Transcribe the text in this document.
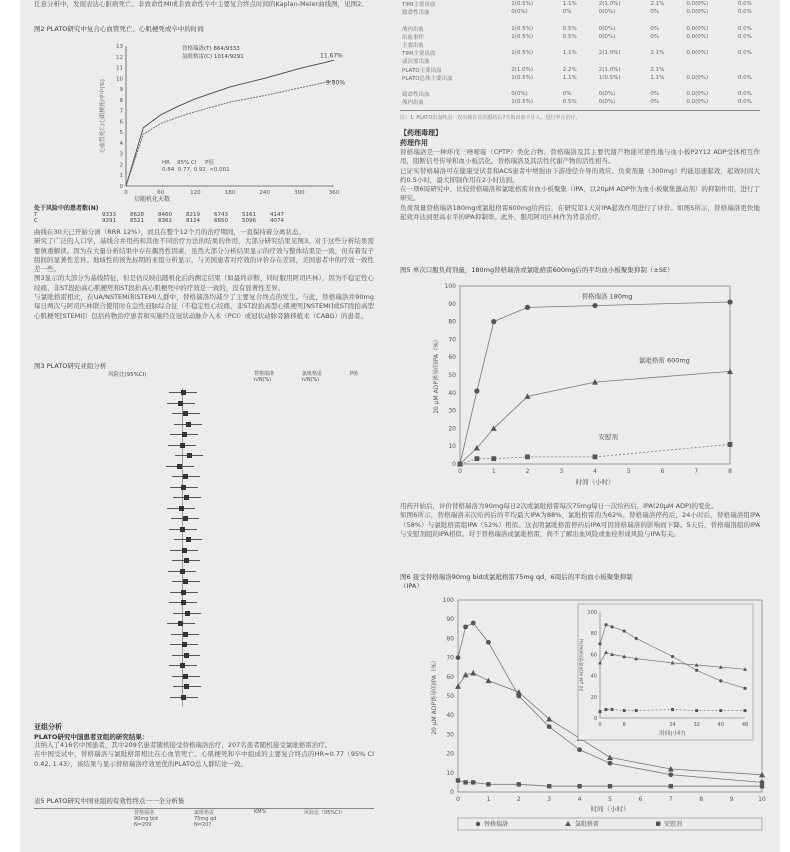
任意分析中，发现表达心脏病死亡、非致命性MI或非致命性卒中主要复合终点时间的Kaplan-Meier曲线图，见图2。

图2 PLATO研究中复合心血管死亡、心肌梗死或卒中的时间
0
1
2
3
4
5
6
7
8
9
10
11
12
13
0	60	120	180	240	300	360
心血管死亡/心肌梗死/卒中(%)
11.67%
9.80%
替格瑞洛(T) 864/9333
氯吡格雷(C) 1014/9291
HR    95% CI     P值
0.84  0.77, 0.92  <0.001
启随机化天数
处于风险中的患者数(N)
T	9333	8628	8460	8219	6743	5161	4147
C	9291	8521	8362	8124	6650	5096	4074

曲线在30天已开始分离（RRR 12%），而且在整个12个月的治疗期间，一直保持着分离状态。

研究了广泛的人口学、基线合并用药和其他不同治疗方法的结果的作用，大部分研究结果见图3。对于这些分析结果需要慎重解读。因为在大量分析结果中存在偶然性因素，虽然大部分分析结果显示的疗效与整体结果是一致，但有着有子组间的显著性差异。地域性的预先标明的亚组分析显示，与美国患者对疗效的评价存在差别，美国患者中的疗效一致性差一些。

图3显示的大部分为基线特征，但是仍反映出随机化后的测定结果（如最终诊断、同时服用阿司匹林），因为不稳定性心绞痛、非ST段抬高心肌梗死和ST段抬高心肌梗死中的疗效是一致的，没有显著性差异。

与氯吡格雷相比，在UA/NSTEMI和STEMI人群中，替格瑞洛均减少了主要复合终点的发生。与此，替格瑞洛并90mg每日两次与阿司匹林联合使用时在急性冠脉综合征（不稳定性心绞痛、非ST段抬高型心肌梗死[NSTEMI]或ST段抬高型心肌梗死[STEMI]）包括药物治疗患者和实施经皮冠状动脉介入术（PCI）或冠状动脉旁路移植术（CABG）的患者。

图3 PLATO研究亚组分析
风险比(95%CI)	替格瑞洛
n/N(%)
氯吡格雷
n/N(%)
P值
亚组分析
PLATO研究中国患者亚组的研究结果：

共纳入了416名中国患者，其中209名患者随机接受替格瑞洛治疗，207名患者随机接受氯吡格雷治疗。

在中国受试中，替格瑞洛与氯吡格雷相比在心血管死亡、心肌梗死和卒中组成的主要复合终点的HR=0.77（95% CI 0.42, 1.43），该结果与显示替格瑞洛疗效更优的PLATO总人群结论一致。

表5 PLATO研究中国亚组的有效性终点一一全分析集
替格瑞洛
90mg bid
N=209
氯吡格雷
75mg qd
N=207
KM%	风险比（95%CI）
TIMI主要出血	1(0.5%)	1.1%	2(1.0%)	2.1%	0.0(0%)	0.0%
致命性出血	0(0%)	0%	0(0%)	0%	0.0(0%)	0.0%

颅内出血	1(0.5%)	0.5%	0(0%)	0%	0.0(0%)	0.0%
出血事件	1(0.5%)	0.5%	0(0%)	0%	0.0(0%)	0.0%
主要出血						
TIMI主要出血	1(0.5%)	1.1%	2(1.0%)	2.1%	0.0(0%)	0.0%
或次要出血						
PLATO主要出血	2(1.0%)	2.2%	2(1.0%)	2.1%		
PLATO总体主要出血	1(0.5%)	1.1%	1(0.5%)	1.1%	0.0(0%)	0.0%

致命性出血	0(0%)	0%	0(0%)	0%	0.0(0%)	0.0%
颅内出血	1(0.5%)	0.5%	0(0%)	0%	0.0(0%)	0.0%
注：1. PLATO出血终点：仅出现在首次服药后7天的出血不计入，进行中止治疗。
【药理毒理】
药理作用

替格瑞洛是一种环戊三唑嘧啶（CPTP）类化合物。替格瑞洛及其主要代谢产物能可逆性地与血小板P2Y12 ADP受体相互作用，阻断信号传导和血小板活化。替格瑞洛及其活性代谢产物的活性相当。

已证实替格瑞洛可在健康受试者和ACS患者中增强由下游途径介导的效应。负荷剂量（300mg）约能迅速起效，起效时间大约0.5小时，最大抑制作用在2小时达到。

在一项6周研究中，比较替格瑞洛和氯吡格雷对血小板聚集（IPA，以20μM ADP作为血小板聚集激动剂）的抑制作用，进行了研究。

负荷剂量替格瑞洛180mg或氯吡格雷600mg给药后，在研究第1天对IPA起效作用进行了评价。如图5所示，替格瑞洛更快地起效并达到更高水平的IPA抑制率。此外，服用阿司匹林作为背景治疗。

图5 单次口服负荷剂量，180mg替格瑞洛或氯吡格雷600mg后的平均血小板聚集抑制（±SE）
0
10
20
30
40
50
60
70
80
90
100
0	1	2	3	4	5	6	7	8
20 μM ADP诱导的IPA（%）
时间（小时）
替格瑞洛 180mg
氯吡格雷 600mg
安慰剂

用药开始后，评价替格瑞洛为90mg每日2次或氯吡格雷每次75mg每日一次给药后，IPA(20μM ADP)的变化。

如图6所示，替格瑞洛末次给药后的平均最大IPA为88%，氯吡格雷的为62%。替格瑞洛停药后，24小时后，替格瑞洛组IPA（58%）与氯吡格雷组IPA（52%）相似。这表明氯吡格雷停药后IPA可因替格瑞洛的影响而下降。5天后，替格瑞洛组的IPA与安慰剂组的IPA相似。对于替格瑞洛或氯吡格雷，尚不了解出血风险或血栓形成风险与IPA有关。

图6 接受替格瑞洛90mg bid或氯吡格雷75mg qd，6周后的平均血小板聚集抑制（IPA）
0
10
20
30
40
50
60
70
80
90
100
0	1	2	3	4	5	6	7	8	9	10
20 μM ADP诱导的IPA（%）
时间（小时）
替格瑞洛	氯吡格雷	安慰剂
0
20
40
60
80
100
0	8	24	32	40	48
时间(小时)
20 μM ADP诱导的IPA(%)
